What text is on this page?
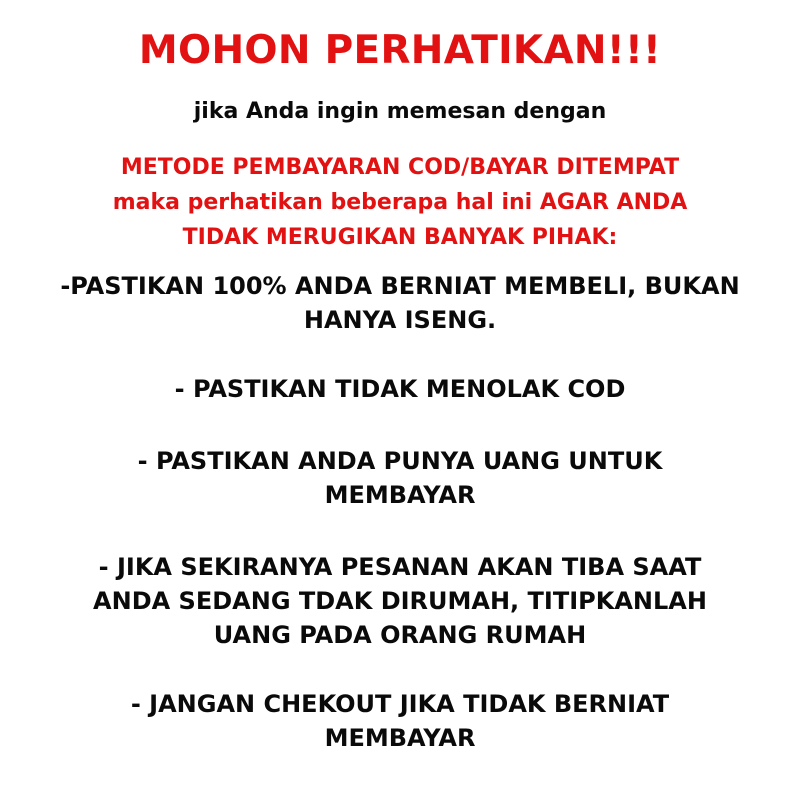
MOHON PERHATIKAN!!!

jika Anda ingin memesan dengan

METODE PEMBAYARAN COD/BAYAR DITEMPAT

maka perhatikan beberapa hal ini AGAR ANDA

TIDAK MERUGIKAN BANYAK PIHAK:

-PASTIKAN 100% ANDA BERNIAT MEMBELI, BUKAN

HANYA ISENG.

- PASTIKAN TIDAK MENOLAK COD

- PASTIKAN ANDA PUNYA UANG UNTUK

MEMBAYAR

- JIKA SEKIRANYA PESANAN AKAN TIBA SAAT

ANDA SEDANG TDAK DIRUMAH, TITIPKANLAH

UANG PADA ORANG RUMAH

- JANGAN CHEKOUT JIKA TIDAK BERNIAT

MEMBAYAR
